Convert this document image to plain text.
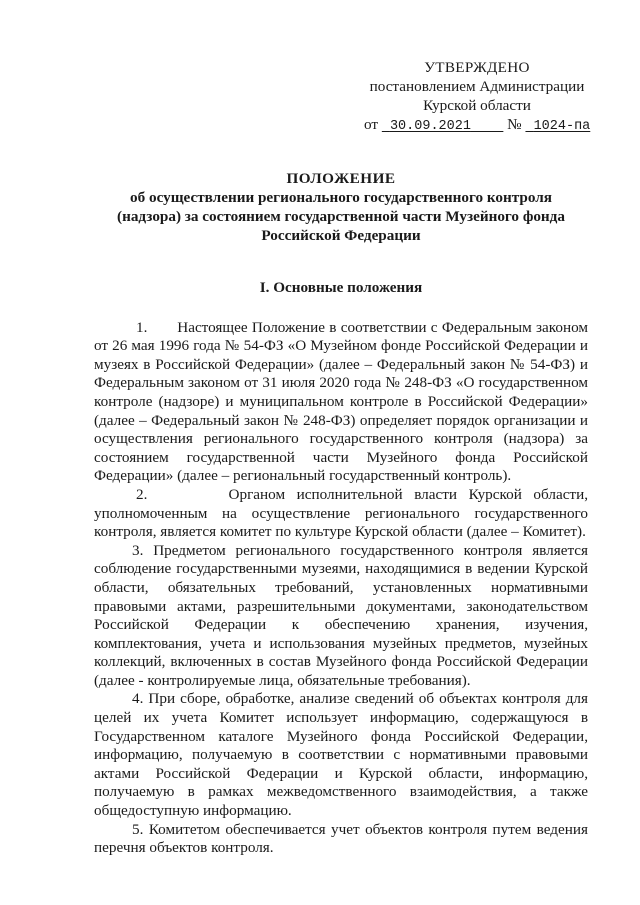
УТВЕРЖДЕНО
постановлением Администрации
Курской области
от 30.09.2021 № 1024-па
ПОЛОЖЕНИЕ
об осуществлении регионального государственного контроля
(надзора) за состоянием государственной части Музейного фонда
Российской Федерации
I. Основные положения

1.       Настоящее Положение в соответствии с Федеральным законом от 26 мая 1996 года № 54-ФЗ «О Музейном фонде Российской Федерации и музеях в Российской Федерации» (далее – Федеральный закон № 54-ФЗ) и Федеральным законом от 31 июля 2020 года № 248-ФЗ «О государственном контроле (надзоре) и муниципальном контроле в Российской Федерации» (далее – Федеральный закон № 248-ФЗ) определяет порядок организации и осуществления регионального государственного контроля (надзора) за состоянием государственной части Музейного фонда Российской Федерации» (далее – региональный государственный контроль).

2.       Органом исполнительной власти Курской области, уполномоченным на осуществление регионального государственного контроля, является комитет по культуре Курской области (далее – Комитет).

3. Предметом регионального государственного контроля является соблюдение государственными музеями, находящимися в ведении Курской области, обязательных требований, установленных нормативными правовыми актами, разрешительными документами, законодательством Российской Федерации к обеспечению хранения, изучения, комплектования, учета и использования музейных предметов, музейных коллекций, включенных в состав Музейного фонда Российской Федерации (далее - контролируемые лица, обязательные требования).

4. При сборе, обработке, анализе сведений об объектах контроля для целей их учета Комитет использует информацию, содержащуюся в Государственном каталоге Музейного фонда Российской Федерации, информацию, получаемую в соответствии с нормативными правовыми актами Российской Федерации и Курской области, информацию, получаемую в рамках межведомственного взаимодействия, а также общедоступную информацию.

5. Комитетом обеспечивается учет объектов контроля путем ведения перечня объектов контроля.
